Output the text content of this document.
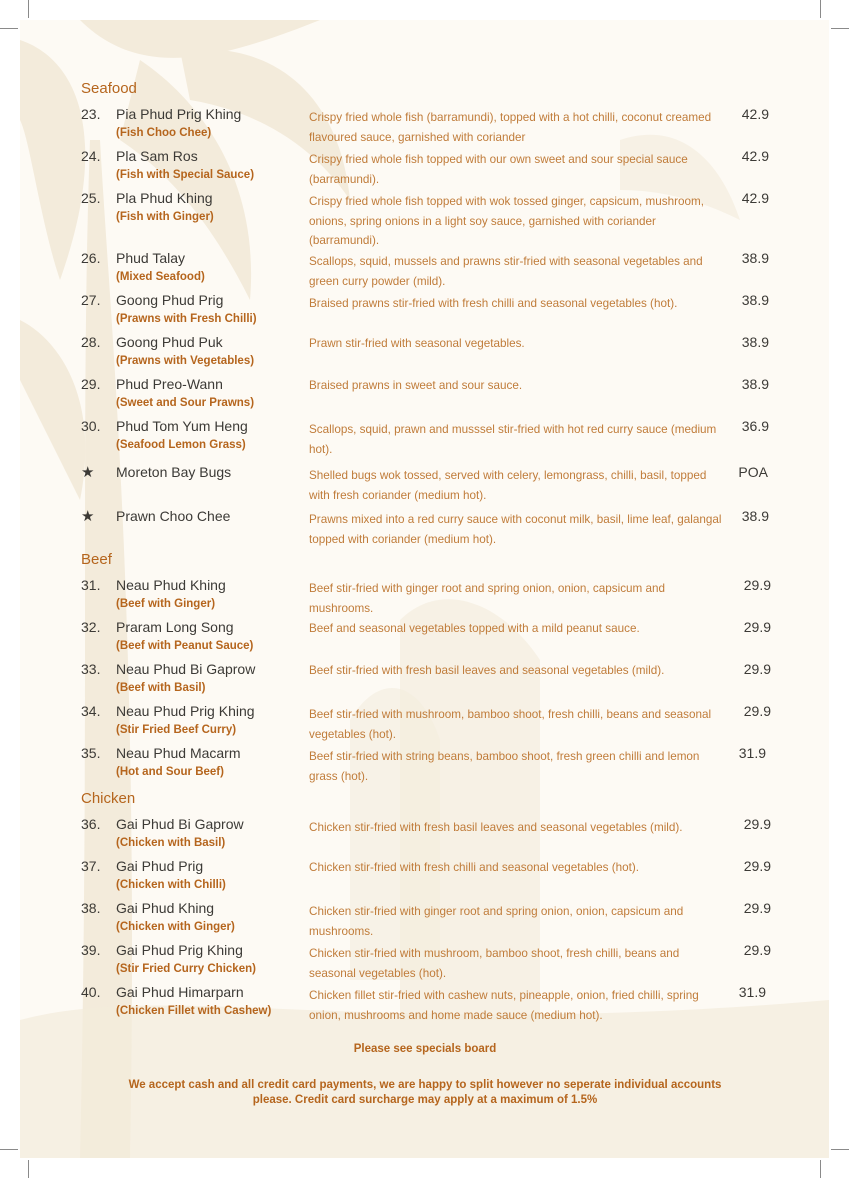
Seafood
23. Pia Phud Prig Khing
(Fish Choo Chee)
Crispy fried whole fish (barramundi), topped with a hot chilli, coconut creamed flavoured sauce, garnished with coriander
42.9
24. Pla Sam Ros
(Fish with Special Sauce)
Crispy fried whole fish topped with our own sweet and sour special sauce (barramundi).
42.9
25. Pla Phud Khing
(Fish with Ginger)
Crispy fried whole fish topped with wok tossed ginger, capsicum, mushroom, onions, spring onions in a light soy sauce, garnished with coriander (barramundi).
42.9
26. Phud Talay
(Mixed Seafood)
Scallops, squid, mussels and prawns stir-fried with seasonal vegetables and green curry powder (mild).
38.9
27. Goong Phud Prig
(Prawns with Fresh Chilli)
Braised prawns stir-fried with fresh chilli and seasonal vegetables (hot).	38.9
28. Goong Phud Puk
(Prawns with Vegetables)
Prawn stir-fried with seasonal vegetables.	38.9
29. Phud Preo-Wann
(Sweet and Sour Prawns)
Braised prawns in sweet and sour sauce.	38.9
30. Phud Tom Yum Heng
(Seafood Lemon Grass)
Scallops, squid, prawn and musssel stir-fried with hot red curry sauce (medium hot).
36.9
★ Moreton Bay Bugs	Shelled bugs wok tossed, served with celery, lemongrass, chilli, basil, topped with fresh coriander (medium hot).
POA
★ Prawn Choo Chee	Prawns mixed into a red curry sauce with coconut milk, basil, lime leaf, galangal topped with coriander (medium hot).
38.9
Beef
31. Neau Phud Khing
(Beef with Ginger)
Beef stir-fried with ginger root and spring onion, onion, capsicum and mushrooms.
29.9
32. Praram Long Song
(Beef with Peanut Sauce)
Beef and seasonal vegetables topped with a mild peanut sauce.	29.9
33. Neau Phud Bi Gaprow
(Beef with Basil)
Beef stir-fried with fresh basil leaves and seasonal vegetables (mild).	29.9
34. Neau Phud Prig Khing
(Stir Fried Beef Curry)
Beef stir-fried with mushroom, bamboo shoot, fresh chilli, beans and seasonal vegetables (hot).
29.9
35. Neau Phud Macarm
(Hot and Sour Beef)
Beef stir-fried with string beans, bamboo shoot, fresh green chilli and lemon grass (hot).
31.9
Chicken
36. Gai Phud Bi Gaprow
(Chicken with Basil)
Chicken stir-fried with fresh basil leaves and seasonal vegetables (mild).	29.9
37. Gai Phud Prig
(Chicken with Chilli)
Chicken stir-fried with fresh chilli and seasonal vegetables (hot).	29.9
38. Gai Phud Khing
(Chicken with Ginger)
Chicken stir-fried with ginger root and spring onion, onion, capsicum and mushrooms.
29.9
39. Gai Phud Prig Khing
(Stir Fried Curry Chicken)
Chicken stir-fried with mushroom, bamboo shoot, fresh chilli, beans and seasonal vegetables (hot).
29.9
40. Gai Phud Himarparn
(Chicken Fillet with Cashew)
Chicken fillet stir-fried with cashew nuts, pineapple, onion, fried chilli, spring onion, mushrooms and home made sauce (medium hot).
31.9
Please see specials board
We accept cash and all credit card payments, we are happy to split however no seperate individual accounts please. Credit card surcharge may apply at a maximum of 1.5%
